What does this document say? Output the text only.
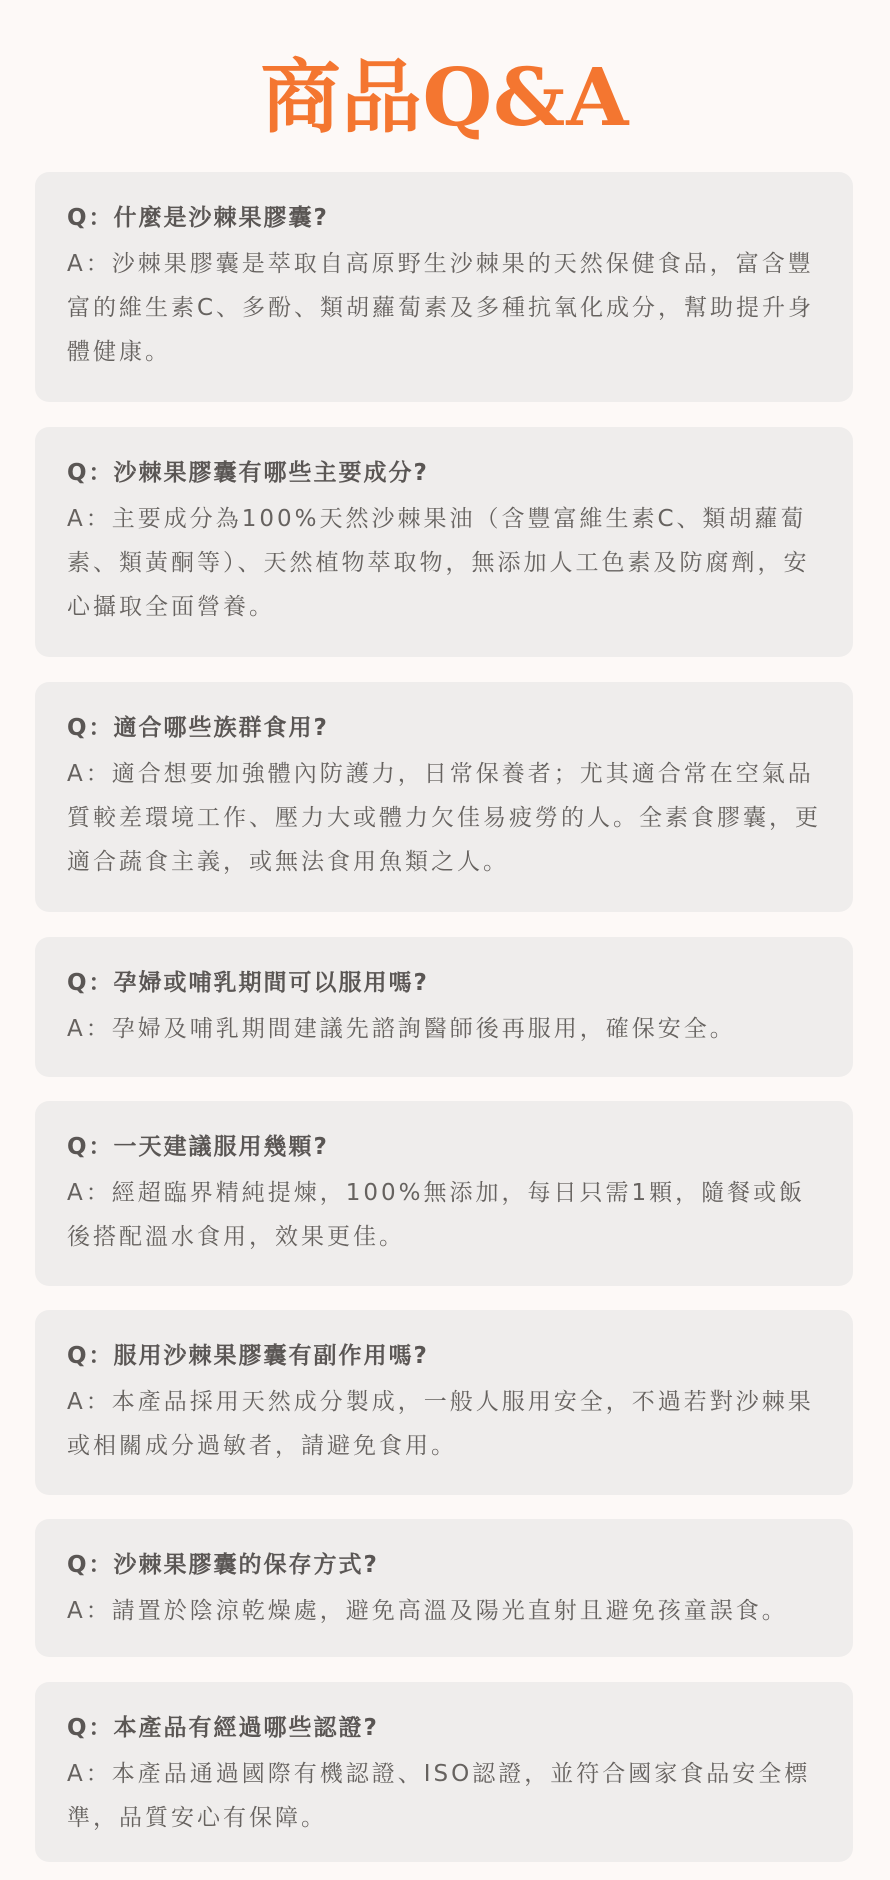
商品Q&A
Q：什麼是沙棘果膠囊?
A：沙棘果膠囊是萃取自高原野生沙棘果的天然保健食品，富含豐富的維生素C、多酚、類胡蘿蔔素及多種抗氧化成分，幫助提升身體健康。
Q：沙棘果膠囊有哪些主要成分?
A：主要成分為100%天然沙棘果油（含豐富維生素C、類胡蘿蔔素、類黃酮等）、天然植物萃取物，無添加人工色素及防腐劑，安心攝取全面營養。
Q：適合哪些族群食用?
A：適合想要加強體內防護力，日常保養者；尤其適合常在空氣品質較差環境工作、壓力大或體力欠佳易疲勞的人。全素食膠囊，更適合蔬食主義，或無法食用魚類之人。
Q：孕婦或哺乳期間可以服用嗎?
A：孕婦及哺乳期間建議先諮詢醫師後再服用，確保安全。
Q：一天建議服用幾顆?
A：經超臨界精純提煉，100%無添加，每日只需1顆，隨餐或飯後搭配溫水食用，效果更佳。
Q：服用沙棘果膠囊有副作用嗎?
A：本產品採用天然成分製成，一般人服用安全，不過若對沙棘果或相關成分過敏者，請避免食用。
Q：沙棘果膠囊的保存方式?
A：請置於陰涼乾燥處，避免高溫及陽光直射且避免孩童誤食。
Q：本產品有經過哪些認證?
A：本產品通過國際有機認證、ISO認證，並符合國家食品安全標準，品質安心有保障。
